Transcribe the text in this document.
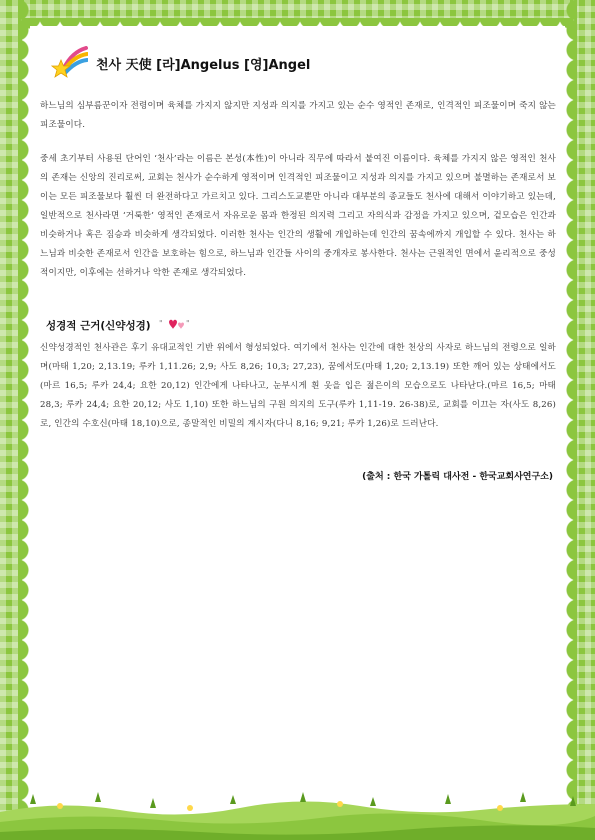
천사 天使 [라]Angelus [영]Angel
하느님의 심부름꾼이자 전령이며 육체를 가지지 않지만 지성과 의지를 가지고 있는 순수 영적인 존재로, 인격적인 피조물이며 죽지 않는 피조물이다.
중세 초기부터 사용된 단어인 ‘천사’라는 이름은 본성(本性)이 아니라 직무에 따라서 붙여진 이름이다. 육체를 가지지 않은 영적인 천사의 존재는 신앙의 진리로써, 교회는 천사가 순수하게 영적이며 인격적인 피조물이고 지성과 의지를 가지고 있으며 불멸하는 존재로서 보이는 모든 피조물보다 훨씬 더 완전하다고 가르치고 있다. 그리스도교뿐만 아니라 대부분의 종교들도 천사에 대해서 이야기하고 있는데, 일반적으로 천사라면 ‘거룩한’ 영적인 존재로서 자유로운 몸과 한정된 의지력 그리고 자의식과 감정을 가지고 있으며, 겉모습은 인간과 비슷하거나 혹은 짐승과 비슷하게 생각되었다. 이러한 천사는 인간의 생활에 개입하는데 인간의 꿈속에까지 개입할 수 있다. 천사는 하느님과 비슷한 존재로서 인간을 보호하는 힘으로, 하느님과 인간들 사이의 중개자로 봉사한다. 천사는 근원적인 면에서 윤리적으로 중성적이지만, 이후에는 선하거나 악한 존재로 생각되었다.
성경적 근거(신약성경) "	"
신약성경적인 천사관은 후기 유대교적인 기반 위에서 형성되었다. 여기에서 천사는 인간에 대한 천상의 사자로 하느님의 전령으로 일하며(마태 1,20; 2,13.19; 루카 1,11.26; 2,9; 사도 8,26; 10,3; 27,23), 꿈에서도(마태 1,20; 2,13.19) 또한 깨어 있는 상태에서도(마르 16,5; 루카 24,4; 요한 20,12) 인간에게 나타나고, 눈부시게 흰 옷을 입은 젊은이의 모습으로도 나타난다.(마르 16,5; 마태 28,3; 루카 24,4; 요한 20,12; 사도 1,10) 또한 하느님의 구원 의지의 도구(루카 1,11-19. 26-38)로, 교회를 이끄는 자(사도 8,26)로, 인간의 수호신(마태 18,10)으로, 종말적인 비밀의 계시자(다니 8,16; 9,21; 루카 1,26)로 드러난다.
(출처 : 한국 가톨릭 대사전 - 한국교회사연구소)
